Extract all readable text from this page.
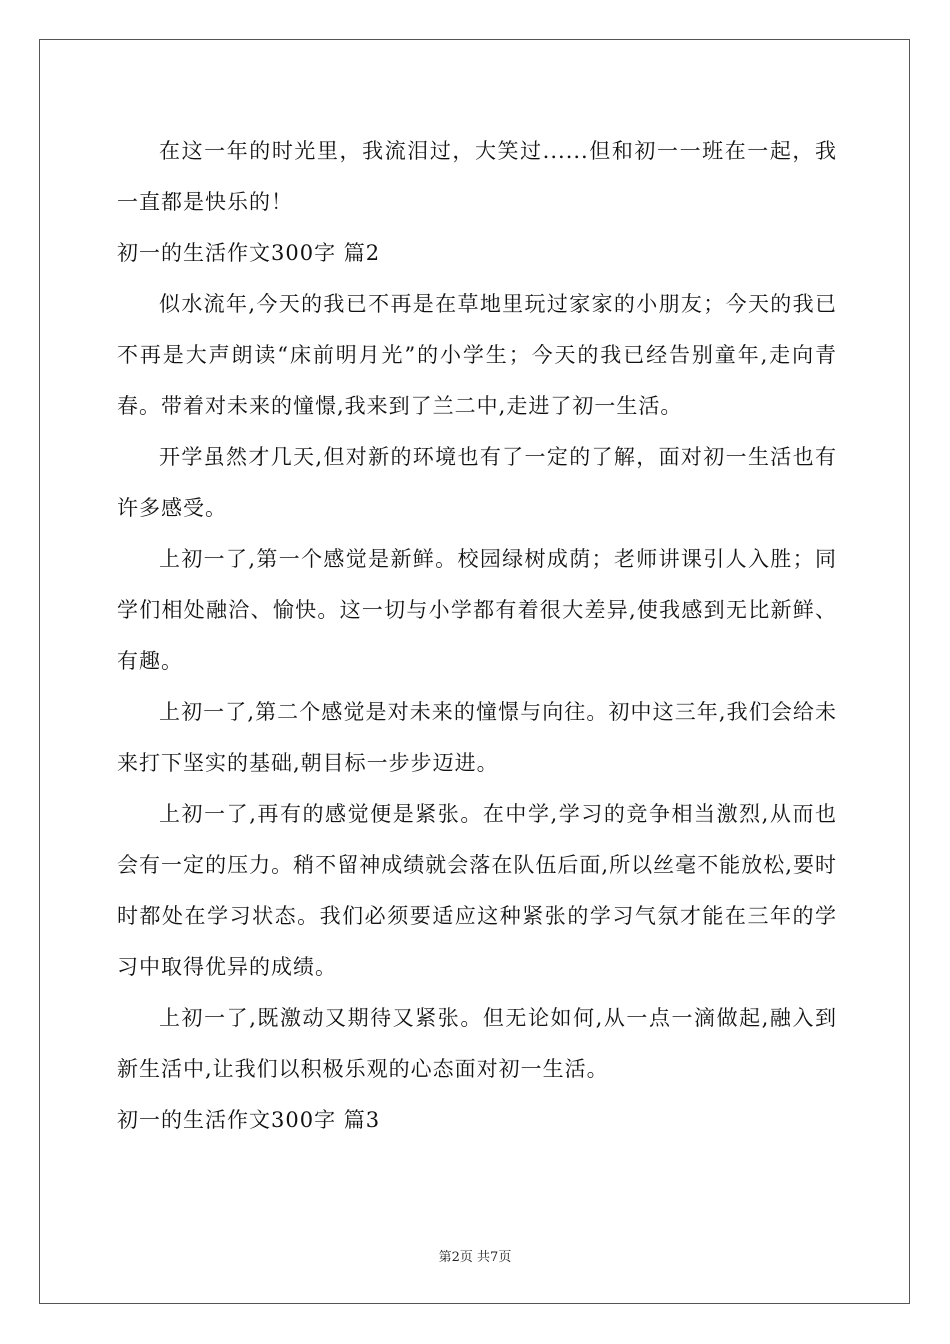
在这一年的时光里，我流泪过，大笑过......但和初一一班在一起，我一直都是快乐的！

初一的生活作文300字 篇2

似水流年,今天的我已不再是在草地里玩过家家的小朋友；今天的我已不再是大声朗读“床前明月光”的小学生；今天的我已经告别童年,走向青春。带着对未来的憧憬,我来到了兰二中,走进了初一生活。

开学虽然才几天,但对新的环境也有了一定的了解，面对初一生活也有许多感受。

上初一了,第一个感觉是新鲜。校园绿树成荫；老师讲课引人入胜；同学们相处融洽、愉快。这一切与小学都有着很大差异,使我感到无比新鲜、有趣。

上初一了,第二个感觉是对未来的憧憬与向往。初中这三年,我们会给未来打下坚实的基础,朝目标一步步迈进。

上初一了,再有的感觉便是紧张。在中学,学习的竞争相当激烈,从而也会有一定的压力。稍不留神成绩就会落在队伍后面,所以丝毫不能放松,要时时都处在学习状态。我们必须要适应这种紧张的学习气氛才能在三年的学习中取得优异的成绩。

上初一了,既激动又期待又紧张。但无论如何,从一点一滴做起,融入到新生活中,让我们以积极乐观的心态面对初一生活。

初一的生活作文300字 篇3

第2页 共7页
